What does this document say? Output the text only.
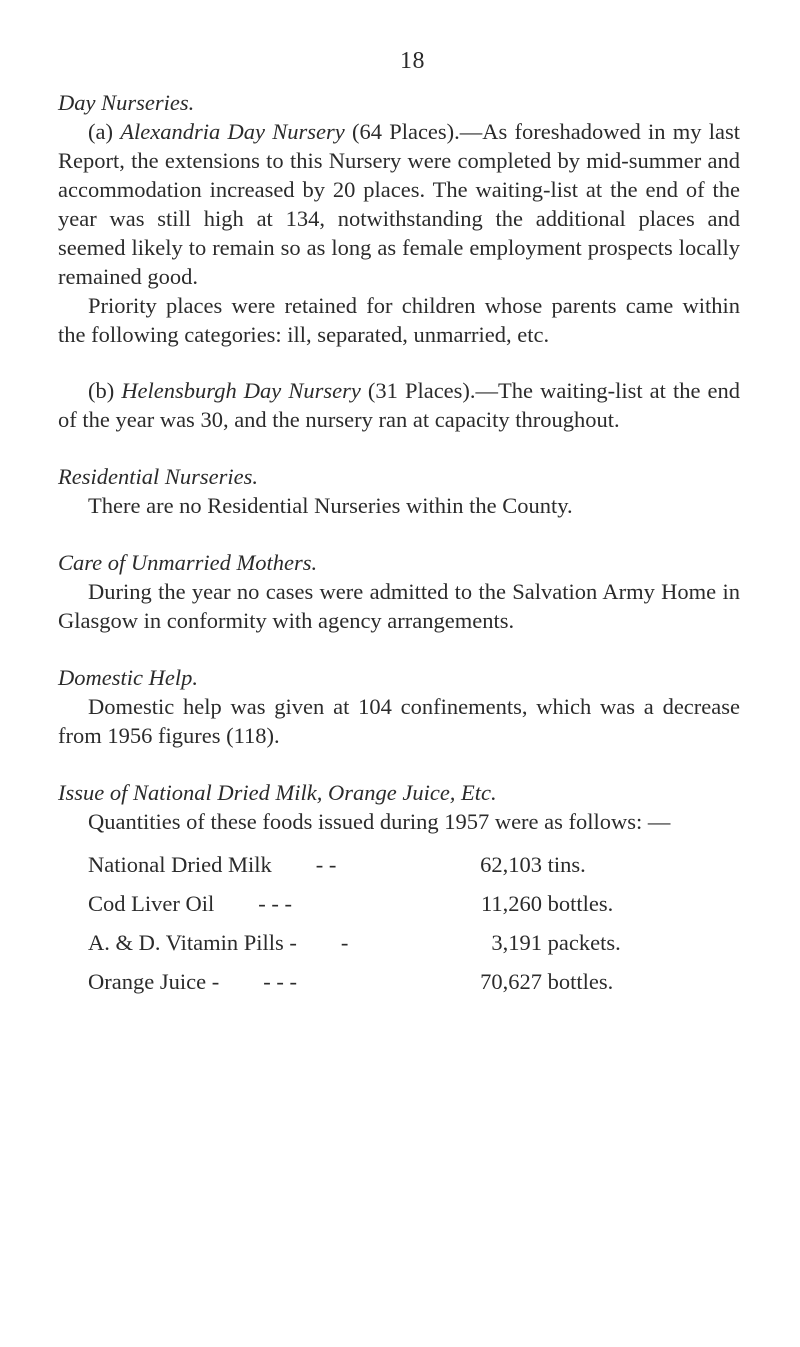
18
Day Nurseries.

(a) Alexandria Day Nursery (64 Places).—As foreshadowed in my last Report, the extensions to this Nursery were completed by mid-summer and accommodation increased by 20 places. The waiting-list at the end of the year was still high at 134, notwithstanding the additional places and seemed likely to remain so as long as female employment prospects locally remained good.

Priority places were retained for children whose parents came within the following categories: ill, separated, unmarried, etc.

(b) Helensburgh Day Nursery (31 Places).—The waiting-list at the end of the year was 30, and the nursery ran at capacity throughout.

Residential Nurseries.

There are no Residential Nurseries within the County.

Care of Unmarried Mothers.

During the year no cases were admitted to the Salvation Army Home in Glasgow in conformity with agency arrangements.

Domestic Help.

Domestic help was given at 104 confinements, which was a decrease from 1956 figures (118).

Issue of National Dried Milk, Orange Juice, Etc.

Quantities of these foods issued during 1957 were as follows: —

National Dried Milk - -	62,103 tins.
Cod Liver Oil - - -	11,260 bottles.
A. & D. Vitamin Pills - -	3,191 packets.
Orange Juice - - - -	70,627 bottles.
